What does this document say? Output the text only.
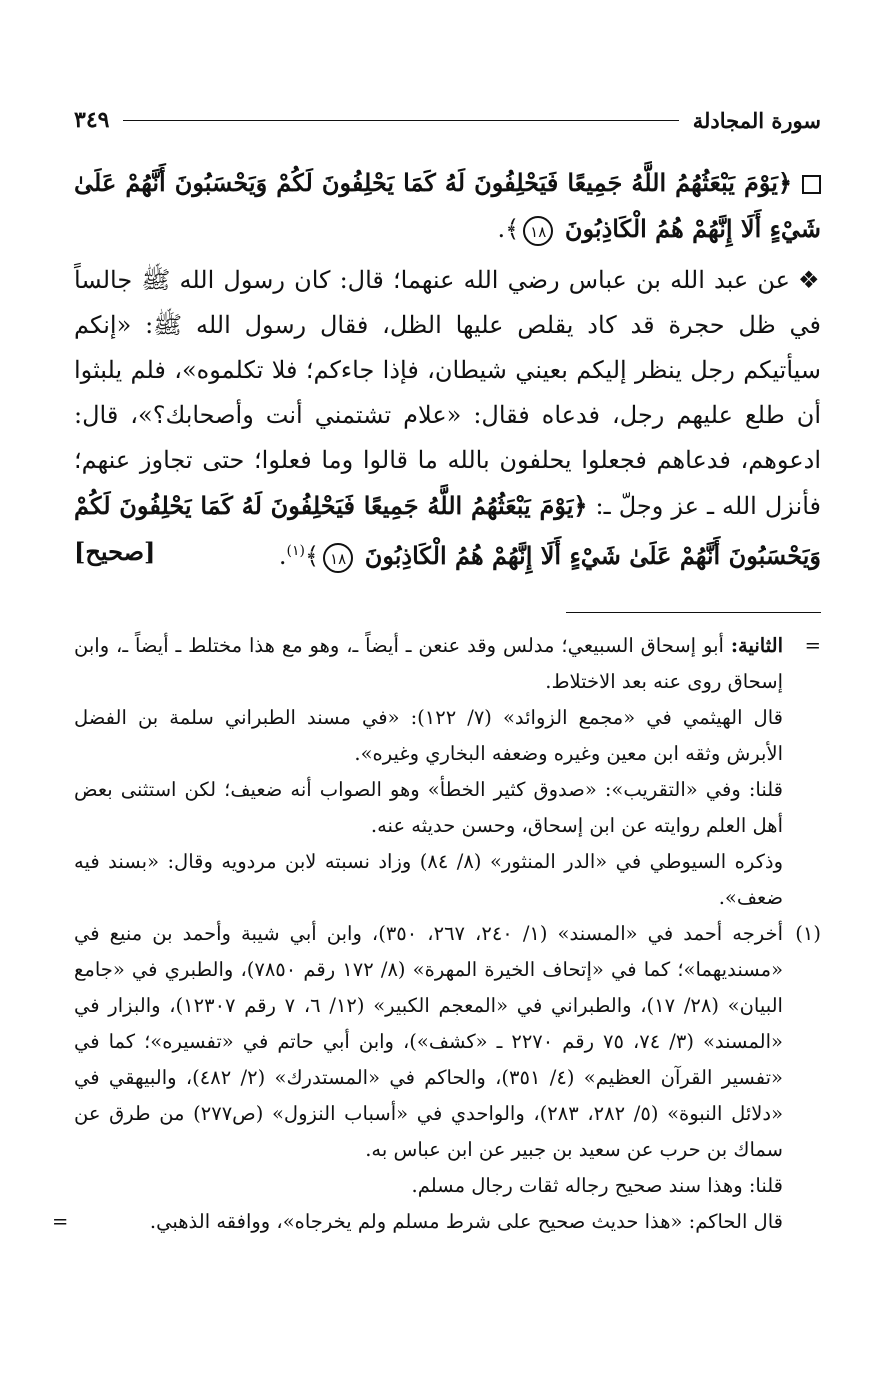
سورة المجادلة
٣٤٩

﴿يَوْمَ يَبْعَثُهُمُ اللَّهُ جَمِيعًا فَيَحْلِفُونَ لَهُ كَمَا يَحْلِفُونَ لَكُمْ وَيَحْسَبُونَ أَنَّهُمْ عَلَىٰ شَيْءٍ أَلَا إِنَّهُمْ هُمُ الْكَاذِبُونَ ١٨﴾.

❖عن عبد الله بن عباس رضي الله عنهما؛ قال: كان رسول الله ﷺ جالساً في ظل حجرة قد كاد يقلص عليها الظل، فقال رسول الله ﷺ: «إنكم سيأتيكم رجل ينظر إليكم بعيني شيطان، فإذا جاءكم؛ فلا تكلموه»، فلم يلبثوا أن طلع عليهم رجل، فدعاه فقال: «علام تشتمني أنت وأصحابك؟»، قال: ادعوهم، فدعاهم فجعلوا يحلفون بالله ما قالوا وما فعلوا؛ حتى تجاوز عنهم؛ فأنزل الله ـ عز وجلّ ـ: ﴿يَوْمَ يَبْعَثُهُمُ اللَّهُ جَمِيعًا فَيَحْلِفُونَ لَهُ كَمَا يَحْلِفُونَ لَكُمْ وَيَحْسَبُونَ أَنَّهُمْ عَلَىٰ شَيْءٍ أَلَا إِنَّهُمْ هُمُ الْكَاذِبُونَ ١٨﴾$^{(١)}$.
[صحيح]

=
الثانية: أبو إسحاق السبيعي؛ مدلس وقد عنعن ـ أيضاً ـ، وهو مع هذا مختلط ـ أيضاً ـ، وابن إسحاق روى عنه بعد الاختلاط.

قال الهيثمي في «مجمع الزوائد» (٧/ ١٢٢): «في مسند الطبراني سلمة بن الفضل الأبرش وثقه ابن معين وغيره وضعفه البخاري وغيره».

قلنا: وفي «التقريب»: «صدوق كثير الخطأ» وهو الصواب أنه ضعيف؛ لكن استثنى بعض أهل العلم روايته عن ابن إسحاق، وحسن حديثه عنه.

وذكره السيوطي في «الدر المنثور» (٨/ ٨٤) وزاد نسبته لابن مردويه وقال: «بسند فيه ضعف».

(١)

أخرجه أحمد في «المسند» (١/ ٢٤٠، ٢٦٧، ٣٥٠)، وابن أبي شيبة وأحمد بن منيع في «مسنديهما»؛ كما في «إتحاف الخيرة المهرة» (٨/ ١٧٢ رقم ٧٨٥٠)، والطبري في «جامع البيان» (٢٨/ ١٧)، والطبراني في «المعجم الكبير» (١٢/ ٦، ٧ رقم ١٢٣٠٧)، والبزار في «المسند» (٣/ ٧٤، ٧٥ رقم ٢٢٧٠ ـ «كشف»)، وابن أبي حاتم في «تفسيره»؛ كما في «تفسير القرآن العظيم» (٤/ ٣٥١)، والحاكم في «المستدرك» (٢/ ٤٨٢)، والبيهقي في «دلائل النبوة» (٥/ ٢٨٢، ٢٨٣)، والواحدي في «أسباب النزول» (ص٢٧٧) من طرق عن سماك بن حرب عن سعيد بن جبير عن ابن عباس به.

قلنا: وهذا سند صحيح رجاله ثقات رجال مسلم.

قال الحاكم: «هذا حديث صحيح على شرط مسلم ولم يخرجاه»، ووافقه الذهبي.
=
